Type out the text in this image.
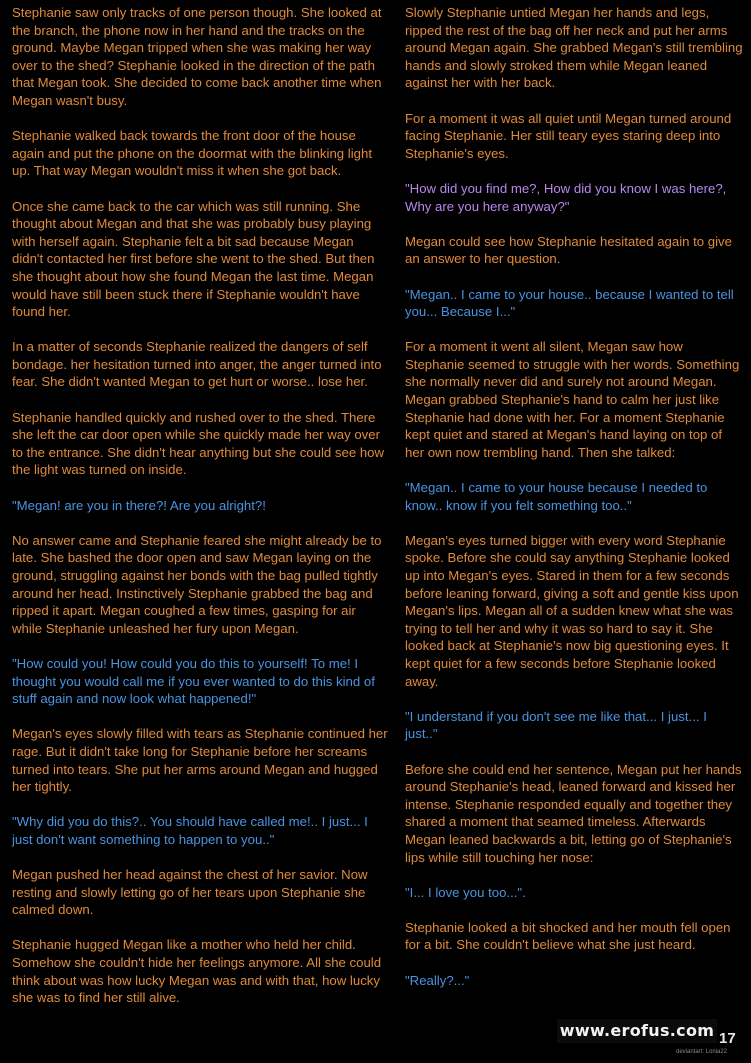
Stephanie saw only tracks of one person though. She looked at the branch, the phone now in her hand and the tracks on the ground. Maybe Megan tripped when she was making her way over to the shed? Stephanie looked in the direction of the path that Megan took. She decided to come back another time when Megan wasn't busy.

Stephanie walked back towards the front door of the house again and put the phone on the doormat with the blinking light up. That way Megan wouldn't miss it when she got back.

Once she came back to the car which was still running. She thought about Megan and that she was probably busy playing with herself again. Stephanie felt a bit sad because Megan didn't contacted her first before she went to the shed. But then she thought about how she found Megan the last time. Megan would have still been stuck there if Stephanie wouldn't have found her.

In a matter of seconds Stephanie realized the dangers of self bondage. her hesitation turned into anger, the anger turned into fear. She didn't wanted Megan to get hurt or worse.. lose her.

Stephanie handled quickly and rushed over to the shed. There she left the car door open while she quickly made her way over to the entrance. She didn't hear anything but she could see how the light was turned on inside.

"Megan! are you in there?! Are you alright?!

No answer came and Stephanie feared she might already be to late. She bashed the door open and saw Megan laying on the ground, struggling against her bonds with the bag pulled tightly around her head. Instinctively Stephanie grabbed the bag and ripped it apart. Megan coughed a few times, gasping for air while Stephanie unleashed her fury upon Megan.

"How could you! How could you do this to yourself! To me! I thought you would call me if you ever wanted to do this kind of stuff again and now look what happened!"

Megan's eyes slowly filled with tears as Stephanie continued her rage. But it didn't take long for Stephanie before her screams turned into tears. She put her arms around Megan and hugged her tightly.

"Why did you do this?.. You should have called me!.. I just... I just don't want something to happen to you.."

Megan pushed her head against the chest of her savior. Now resting and slowly letting go of her tears upon Stephanie she calmed down.

Stephanie hugged Megan like a mother who held her child. Somehow she couldn't hide her feelings anymore. All she could think about was how lucky Megan was and with that, how lucky she was to find her still alive.

Slowly Stephanie untied Megan her hands and legs, ripped the rest of the bag off her neck and put her arms around Megan again. She grabbed Megan's still trembling hands and slowly stroked them while Megan leaned against her with her back.

For a moment it was all quiet until Megan turned around facing Stephanie. Her still teary eyes staring deep into Stephanie's eyes.

"How did you find me?, How did you know I was here?, Why are you here anyway?"

Megan could see how Stephanie hesitated again to give an answer to her question.

"Megan.. I came to your house.. because I wanted to tell you... Because I..."

For a moment it went all silent, Megan saw how Stephanie seemed to struggle with her words. Something she normally never did and surely not around Megan. Megan grabbed Stephanie's hand to calm her just like Stephanie had done with her. For a moment Stephanie kept quiet and stared at Megan's hand laying on top of her own now trembling hand. Then she talked:

"Megan.. I came to your house because I needed to know.. know if you felt something too.."

Megan's eyes turned bigger with every word Stephanie spoke. Before she could say anything Stephanie looked up into Megan's eyes. Stared in them for a few seconds before leaning forward, giving a soft and gentle kiss upon Megan's lips. Megan all of a sudden knew what she was trying to tell her and why it was so hard to say it. She looked back at Stephanie's now big questioning eyes. It kept quiet for a few seconds before Stephanie looked away.

"I understand if you don't see me like that... I just... I just.."

Before she could end her sentence, Megan put her hands around Stephanie's head, leaned forward and kissed her intense. Stephanie responded equally and together they shared a moment that seamed timeless. Afterwards Megan leaned backwards a bit, letting go of Stephanie's lips while still touching her nose:

"I... I love you too...".

Stephanie looked a bit shocked and her mouth fell open for a bit. She couldn't believe what she just heard.

"Really?..."

www.erofus.com 17
deviantart: Lonia22
